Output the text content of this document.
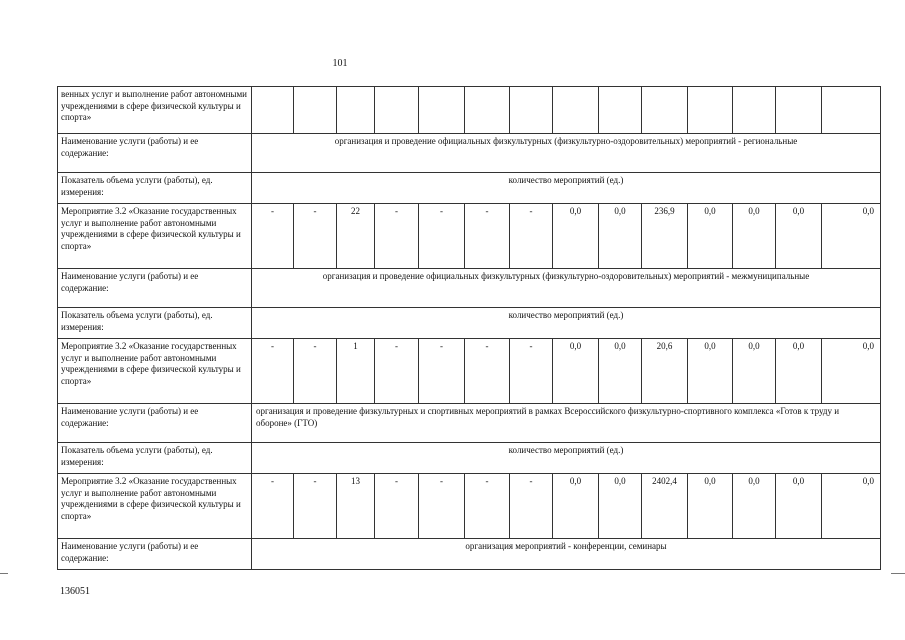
101
венных услуг и выполнение работ автономными учреждениями в сфере физической культуры и спорта»														
Наименование услуги (работы) и ее содержание:	организация и проведение официальных физкультурных (физкультурно-оздоровительных) мероприятий - региональные													
Показатель объема услуги (работы), ед. измерения:	количество мероприятий (ед.)													
Мероприятие 3.2 «Оказание государственных услуг и выполнение работ автономными учреждениями в сфере физической культуры и спорта»	-	-	22	-	-	-	-	0,0	0,0	236,9	0,0	0,0	0,0	0,0
Наименование услуги (работы) и ее содержание:	организация и проведение официальных физкультурных (физкультурно-оздоровительных) мероприятий - межмуниципальные													
Показатель объема услуги (работы), ед. измерения:	количество мероприятий (ед.)													
Мероприятие 3.2 «Оказание государственных услуг и выполнение работ автономными учреждениями в сфере физической культуры и спорта»	-	-	1	-	-	-	-	0,0	0,0	20,6	0,0	0,0	0,0	0,0
Наименование услуги (работы) и ее содержание:	организация и проведение физкультурных и спортивных мероприятий в рамках Всероссийского физкультурно-спортивного комплекса «Готов к труду и обороне» (ГТО)													
Показатель объема услуги (работы), ед. измерения:	количество мероприятий (ед.)													
Мероприятие 3.2 «Оказание государственных услуг и выполнение работ автономными учреждениями в сфере физической культуры и спорта»	-	-	13	-	-	-	-	0,0	0,0	2402,4	0,0	0,0	0,0	0,0
Наименование услуги (работы) и ее содержание:	организация мероприятий - конференции, семинары													
136051
